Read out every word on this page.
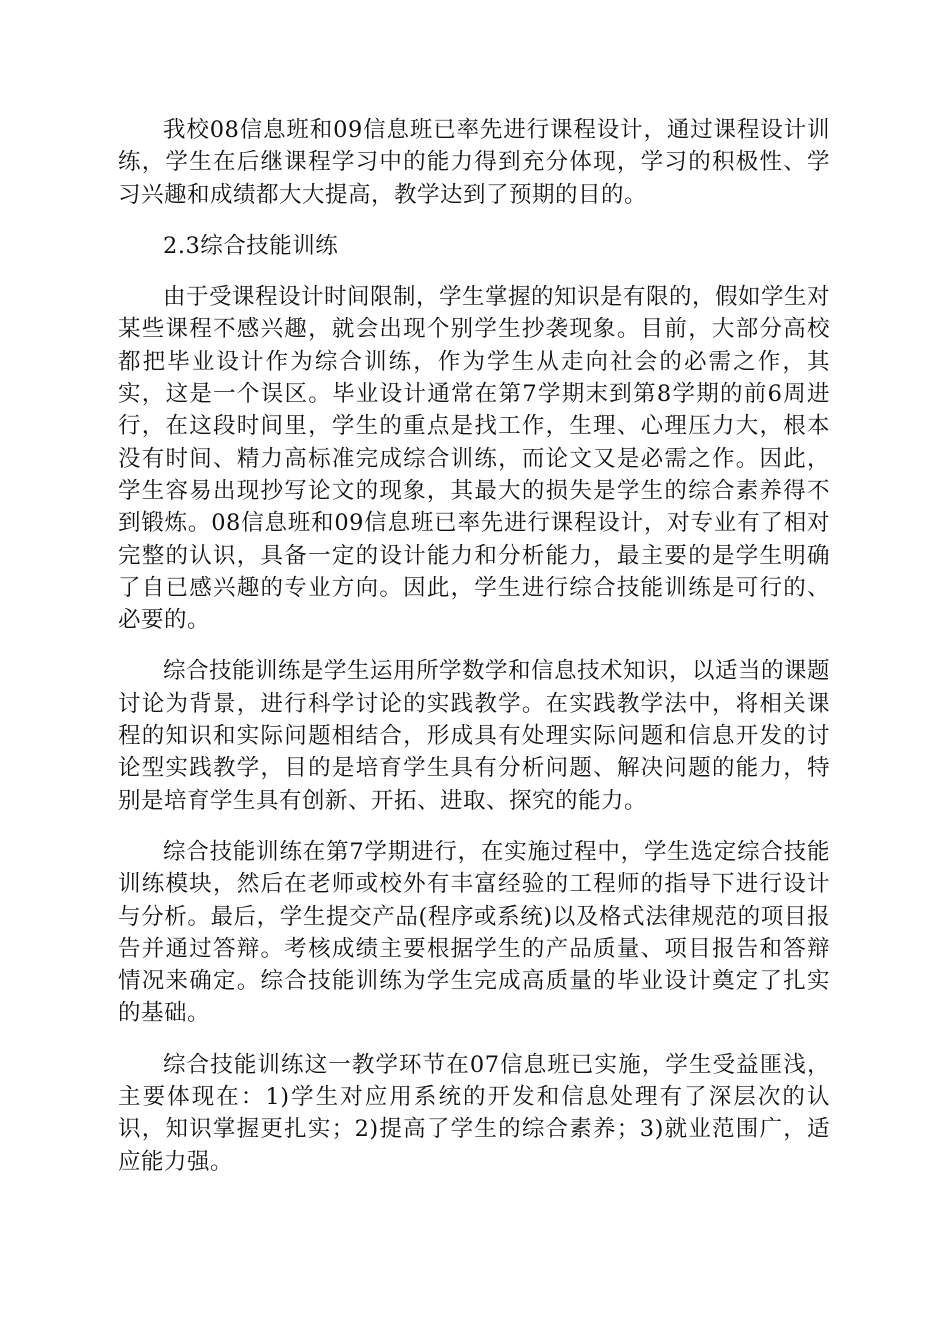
我校08信息班和09信息班已率先进行课程设计，通过课程设计训练，学生在后继课程学习中的能力得到充分体现，学习的积极性、学习兴趣和成绩都大大提高，教学达到了预期的目的。

2.3综合技能训练

由于受课程设计时间限制，学生掌握的知识是有限的，假如学生对某些课程不感兴趣，就会出现个别学生抄袭现象。目前，大部分高校都把毕业设计作为综合训练，作为学生从走向社会的必需之作，其实，这是一个误区。毕业设计通常在第7学期末到第8学期的前6周进行，在这段时间里，学生的重点是找工作，生理、心理压力大，根本没有时间、精力高标准完成综合训练，而论文又是必需之作。因此，学生容易出现抄写论文的现象，其最大的损失是学生的综合素养得不到锻炼。08信息班和09信息班已率先进行课程设计，对专业有了相对完整的认识，具备一定的设计能力和分析能力，最主要的是学生明确了自已感兴趣的专业方向。因此，学生进行综合技能训练是可行的、必要的。

综合技能训练是学生运用所学数学和信息技术知识，以适当的课题讨论为背景，进行科学讨论的实践教学。在实践教学法中，将相关课程的知识和实际问题相结合，形成具有处理实际问题和信息开发的讨论型实践教学，目的是培育学生具有分析问题、解决问题的能力，特别是培育学生具有创新、开拓、进取、探究的能力。

综合技能训练在第7学期进行，在实施过程中，学生选定综合技能训练模块，然后在老师或校外有丰富经验的工程师的指导下进行设计与分析。最后，学生提交产品(程序或系统)以及格式法律规范的项目报告并通过答辩。考核成绩主要根据学生的产品质量、项目报告和答辩情况来确定。综合技能训练为学生完成高质量的毕业设计奠定了扎实的基础。

综合技能训练这一教学环节在07信息班已实施，学生受益匪浅，主要体现在：1)学生对应用系统的开发和信息处理有了深层次的认识，知识掌握更扎实；2)提高了学生的综合素养；3)就业范围广，适应能力强。
